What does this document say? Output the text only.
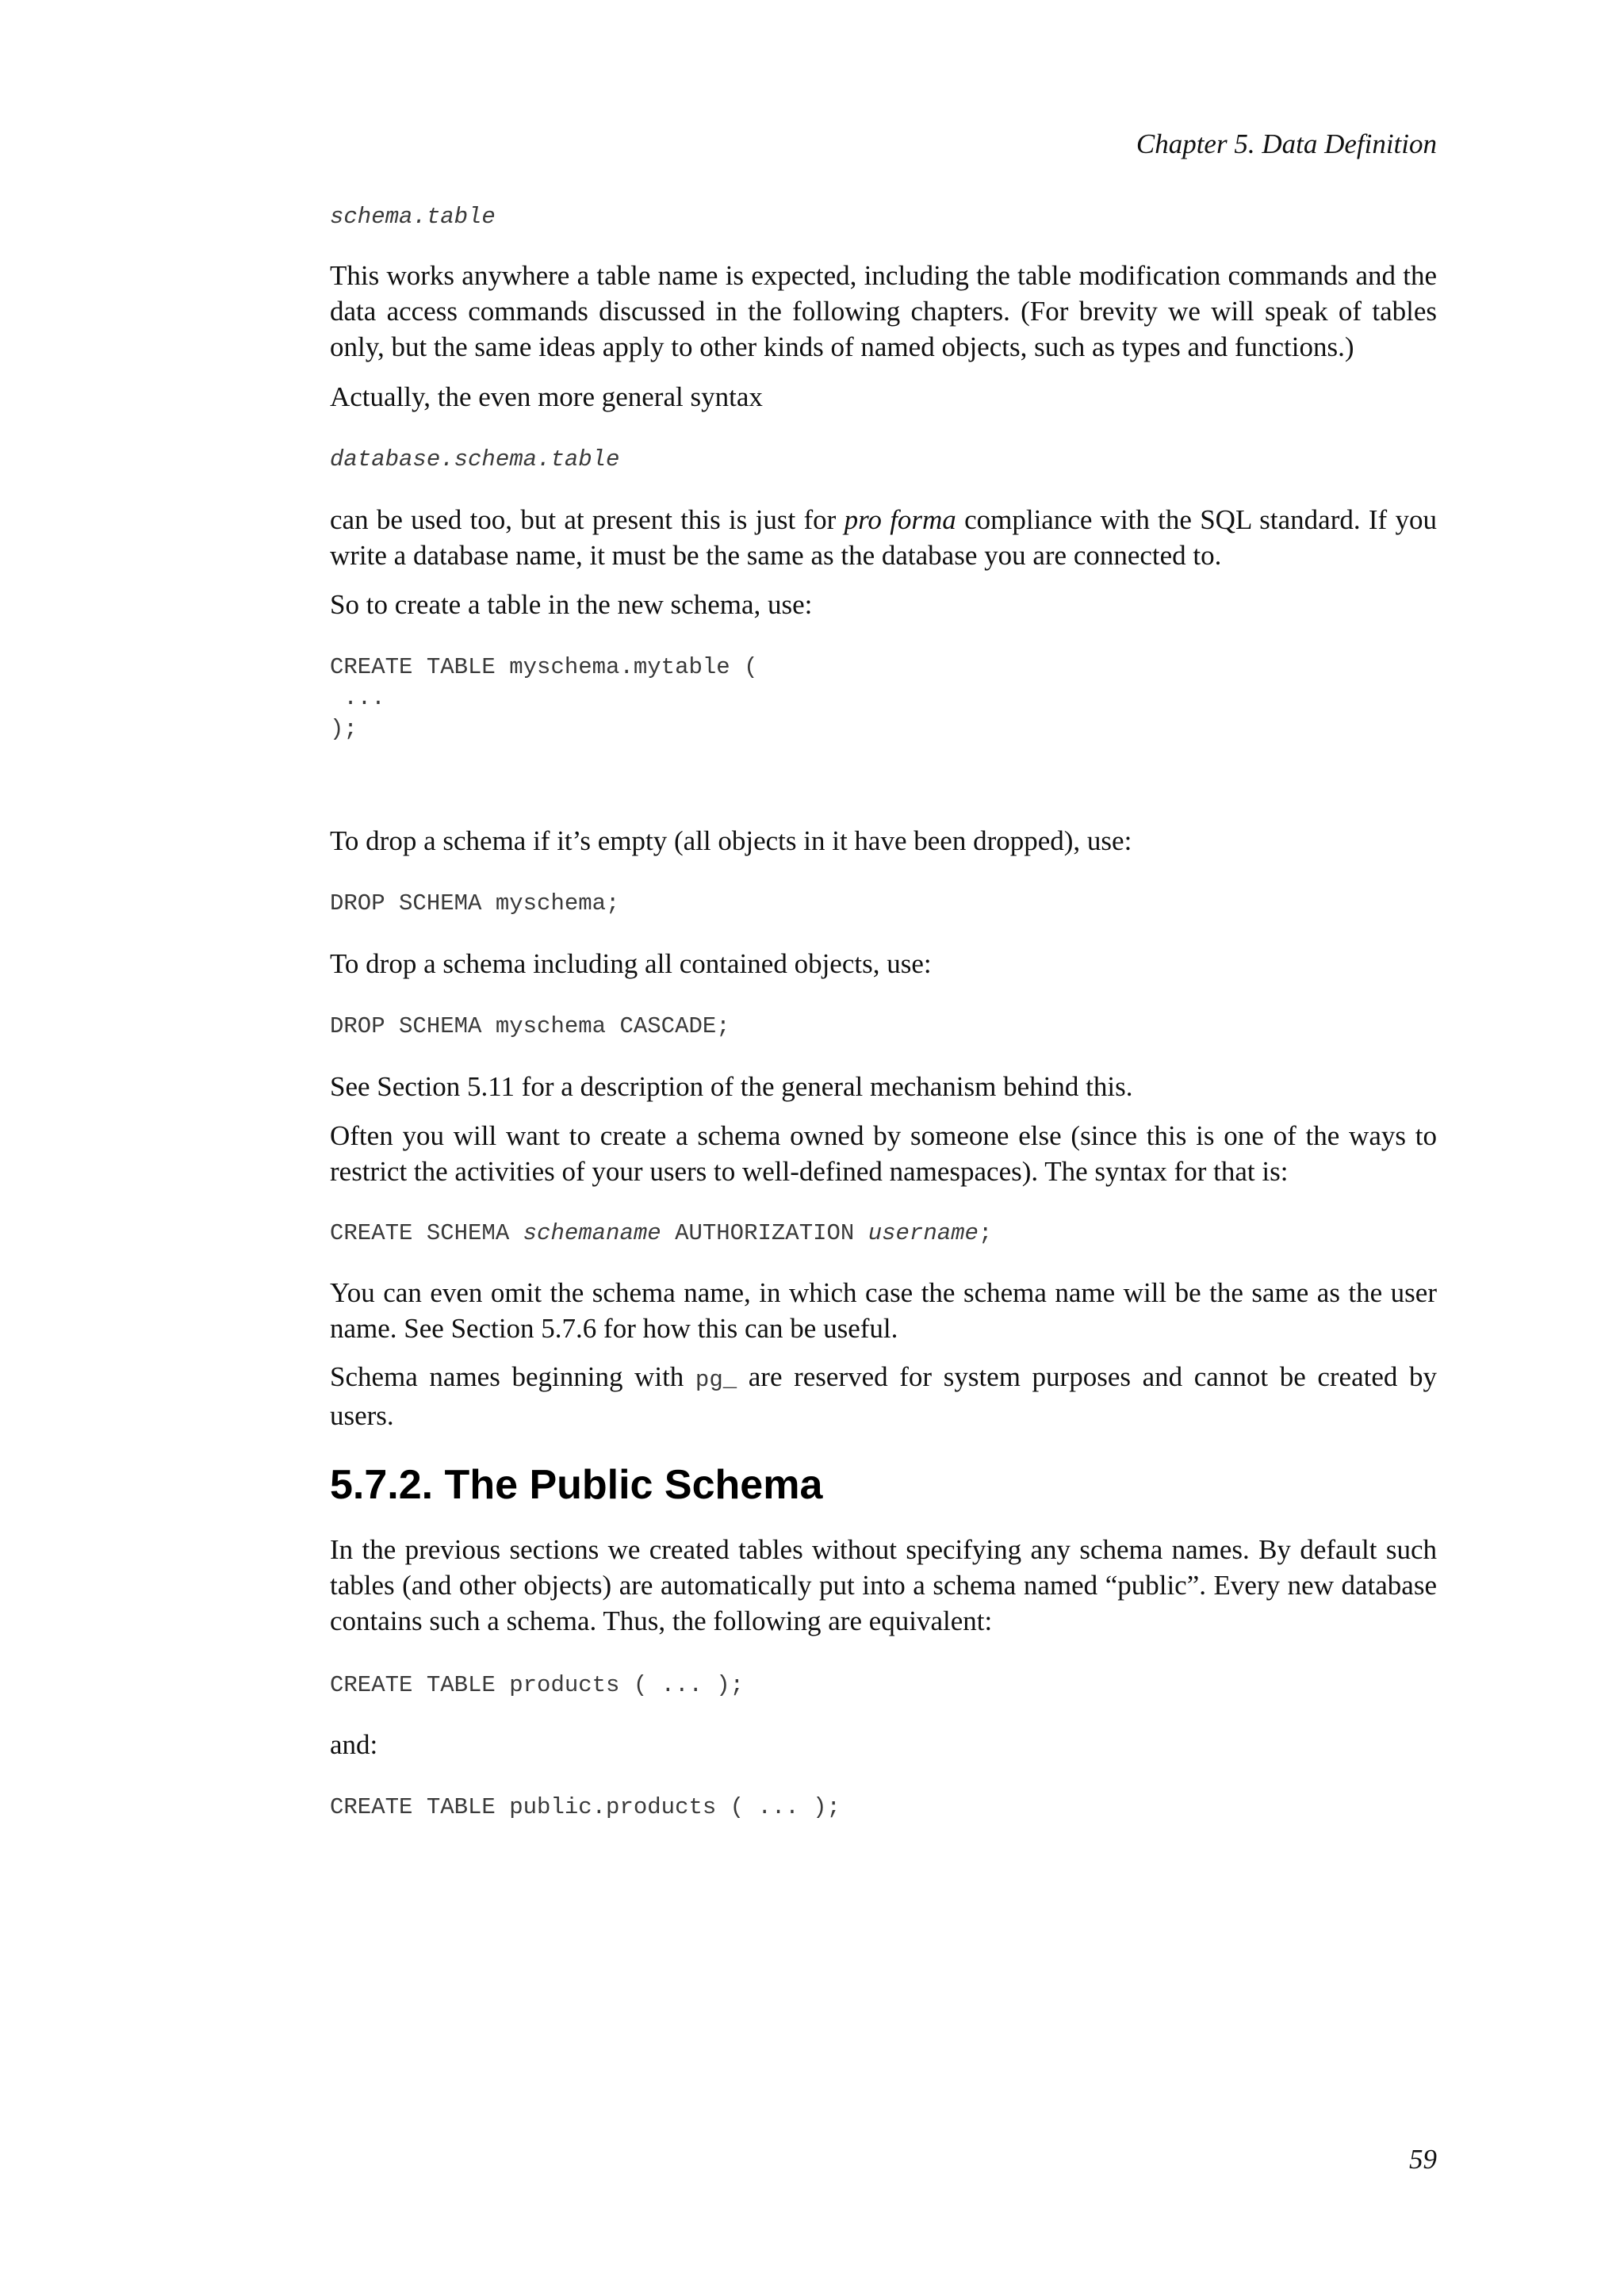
Chapter 5. Data Definition
schema.table

This works anywhere a table name is expected, including the table modification commands and the data access commands discussed in the following chapters. (For brevity we will speak of tables only, but the same ideas apply to other kinds of named objects, such as types and functions.)

Actually, the even more general syntax

database.schema.table

can be used too, but at present this is just for pro forma compliance with the SQL standard. If you write a database name, it must be the same as the database you are connected to.

So to create a table in the new schema, use:

CREATE TABLE myschema.mytable (
...
);

To drop a schema if it’s empty (all objects in it have been dropped), use:

DROP SCHEMA myschema;

To drop a schema including all contained objects, use:

DROP SCHEMA myschema CASCADE;

See Section 5.11 for a description of the general mechanism behind this.

Often you will want to create a schema owned by someone else (since this is one of the ways to restrict the activities of your users to well-defined namespaces). The syntax for that is:

CREATE SCHEMA schemaname AUTHORIZATION username;

You can even omit the schema name, in which case the schema name will be the same as the user name. See Section 5.7.6 for how this can be useful.

Schema names beginning with pg_ are reserved for system purposes and cannot be created by users.

5.7.2. The Public Schema

In the previous sections we created tables without specifying any schema names. By default such tables (and other objects) are automatically put into a schema named “public”. Every new database contains such a schema. Thus, the following are equivalent:

CREATE TABLE products ( ... );

and:

CREATE TABLE public.products ( ... );
59
